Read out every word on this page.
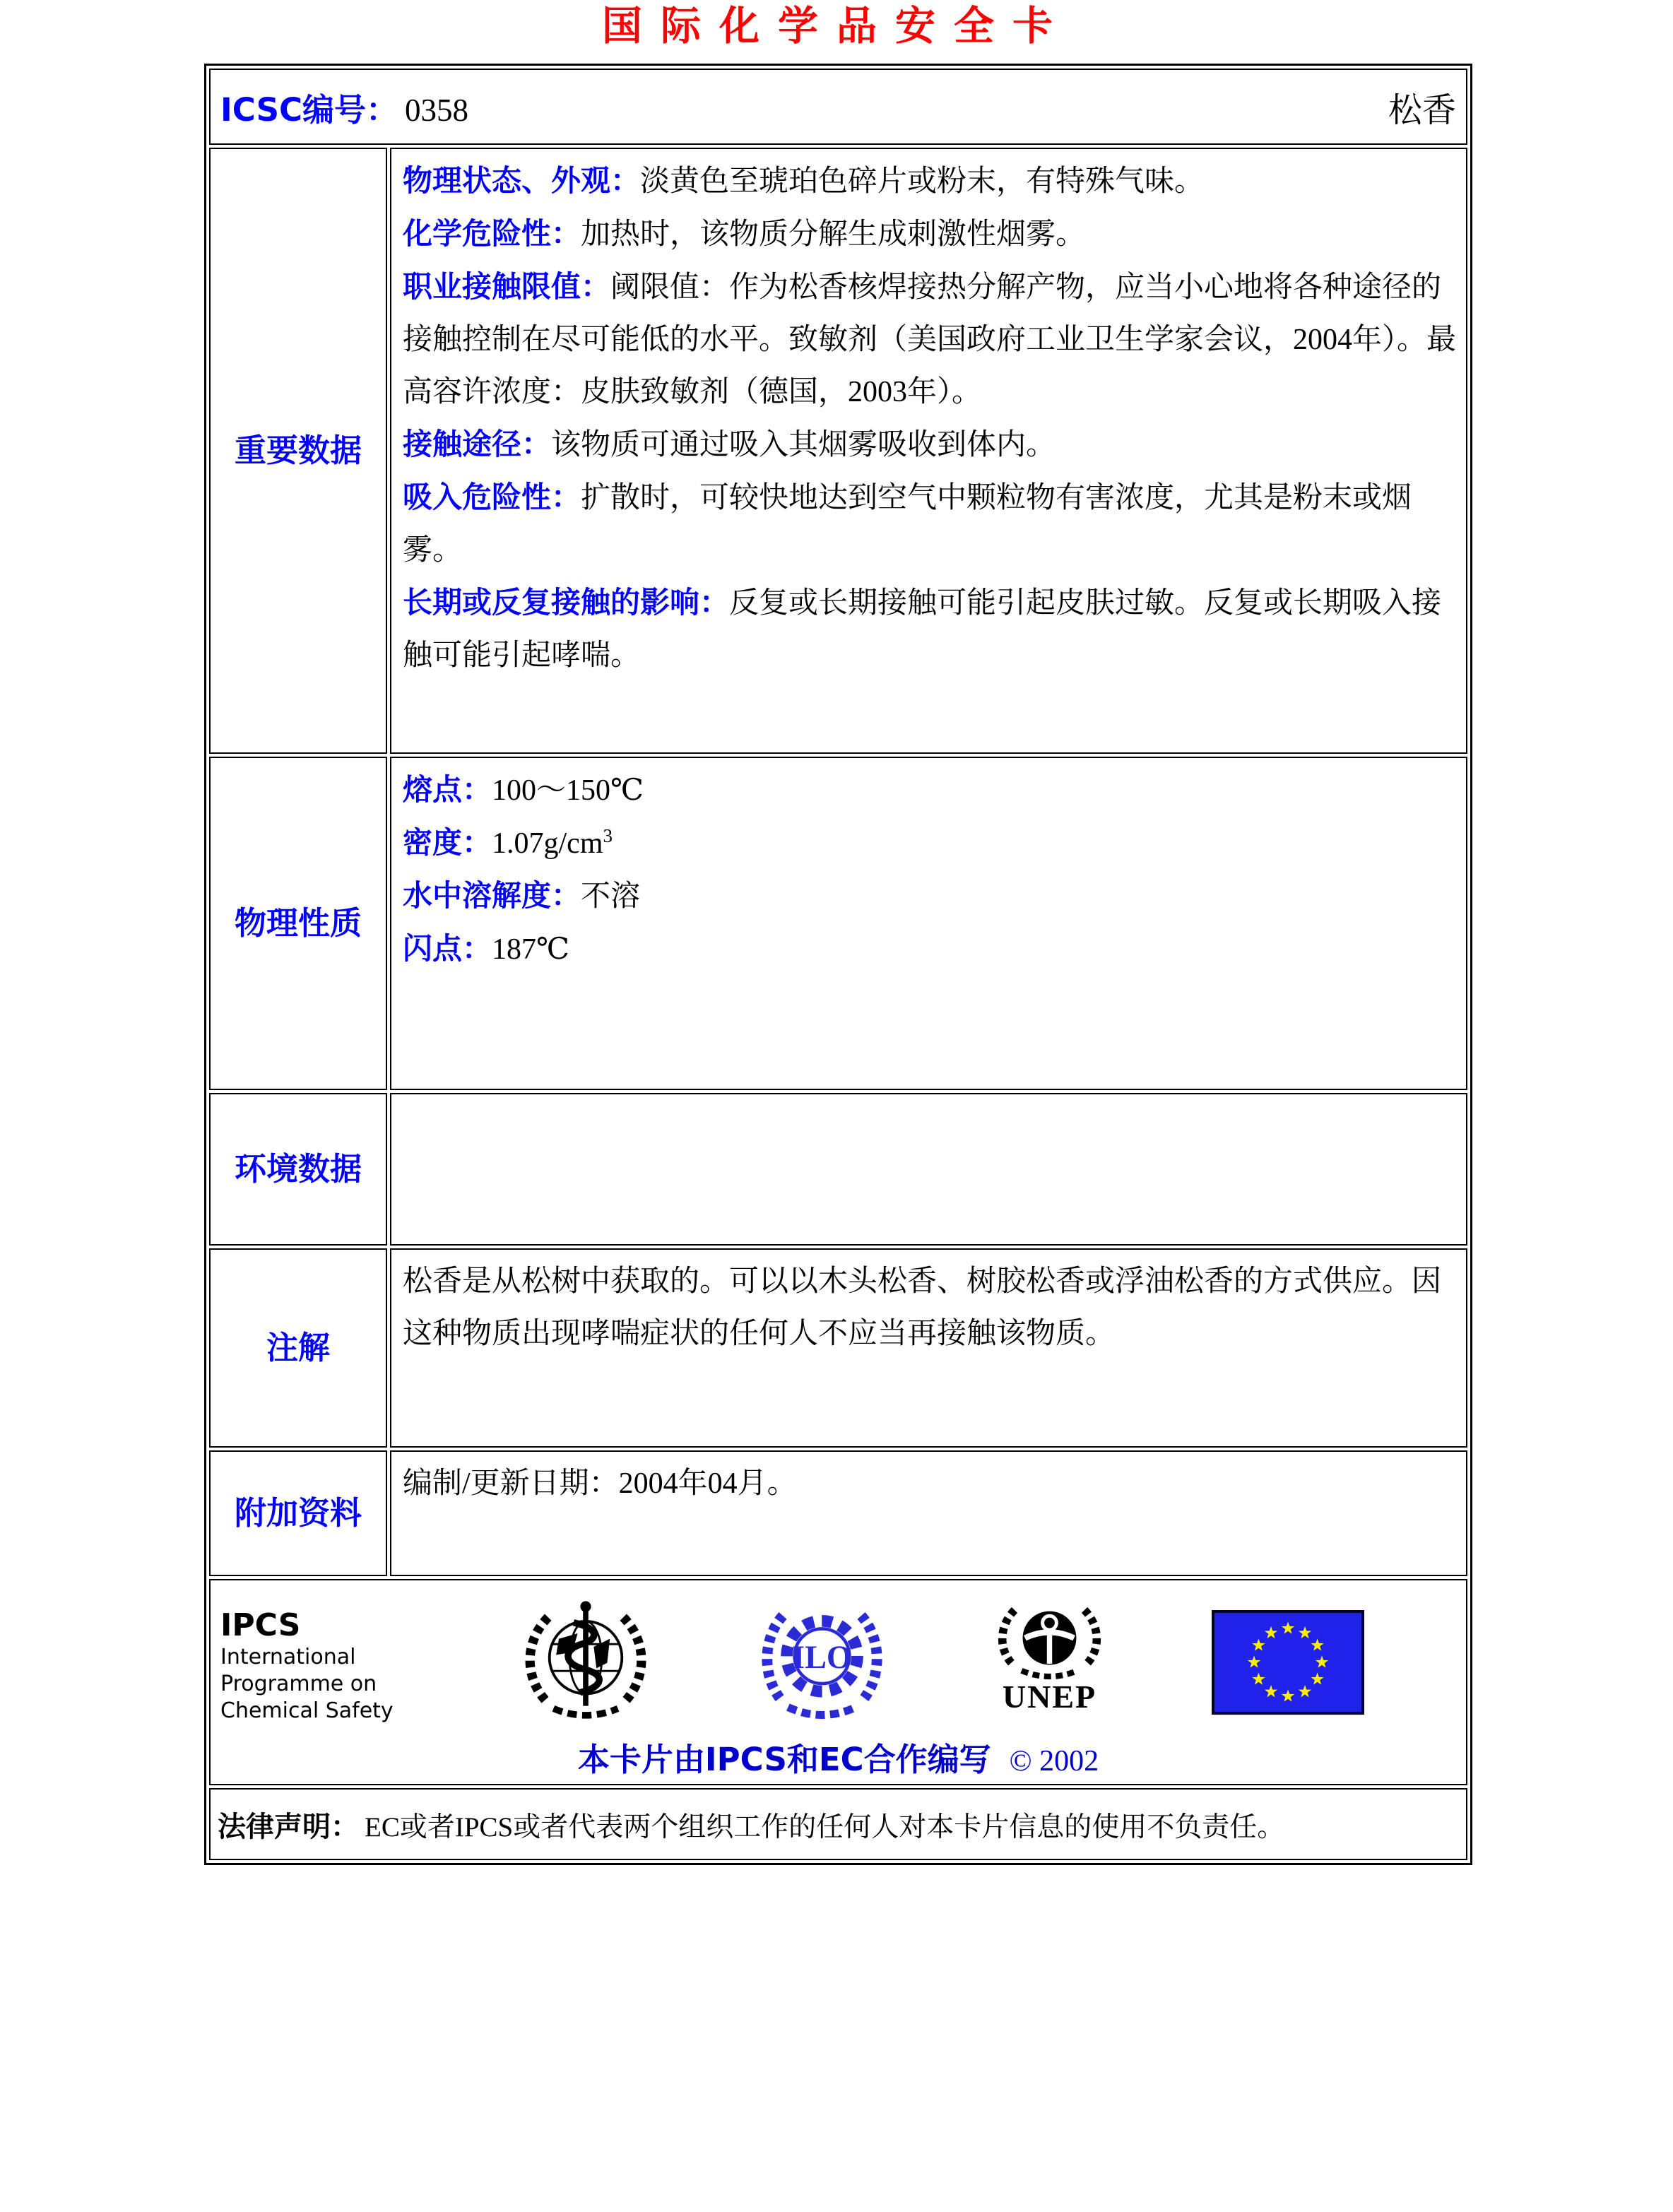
国际化学品安全卡
ICSC编号： 0358 松香	

重要数据	
物理状态、外观：淡黄色至琥珀色碎片或粉末，有特殊气味。
化学危险性：加热时，该物质分解生成刺激性烟雾。
职业接触限值：阈限值：作为松香核焊接热分解产物，应当小心地将各种途径的接触控制在尽可能低的水平。致敏剂（美国政府工业卫生学家会议，2004年）。最高容许浓度：皮肤致敏剂（德国，2003年）。
接触途径：该物质可通过吸入其烟雾吸收到体内。
吸入危险性：扩散时，可较快地达到空气中颗粒物有害浓度，尤其是粉末或烟雾。
长期或反复接触的影响：反复或长期接触可能引起皮肤过敏。反复或长期吸入接触可能引起哮喘。

物理性质	熔点：100～150℃
密度：$1.07g/cm^3$
水中溶解度：不溶
闪点：187℃

环境数据	
注解	松香是从松树中获取的。可以以木头松香、树胶松香或浮油松香的方式供应。因这种物质出现哮喘症状的任何人不应当再接触该物质。

附加资料	编制/更新日期：2004年04月。

IPCS
International
Programme on
Chemical Safety
ILO
UNEP
本卡片由IPCS和EC合作编写 © 2002

法律声明： EC或者IPCS或者代表两个组织工作的任何人对本卡片信息的使用不负责任。	
